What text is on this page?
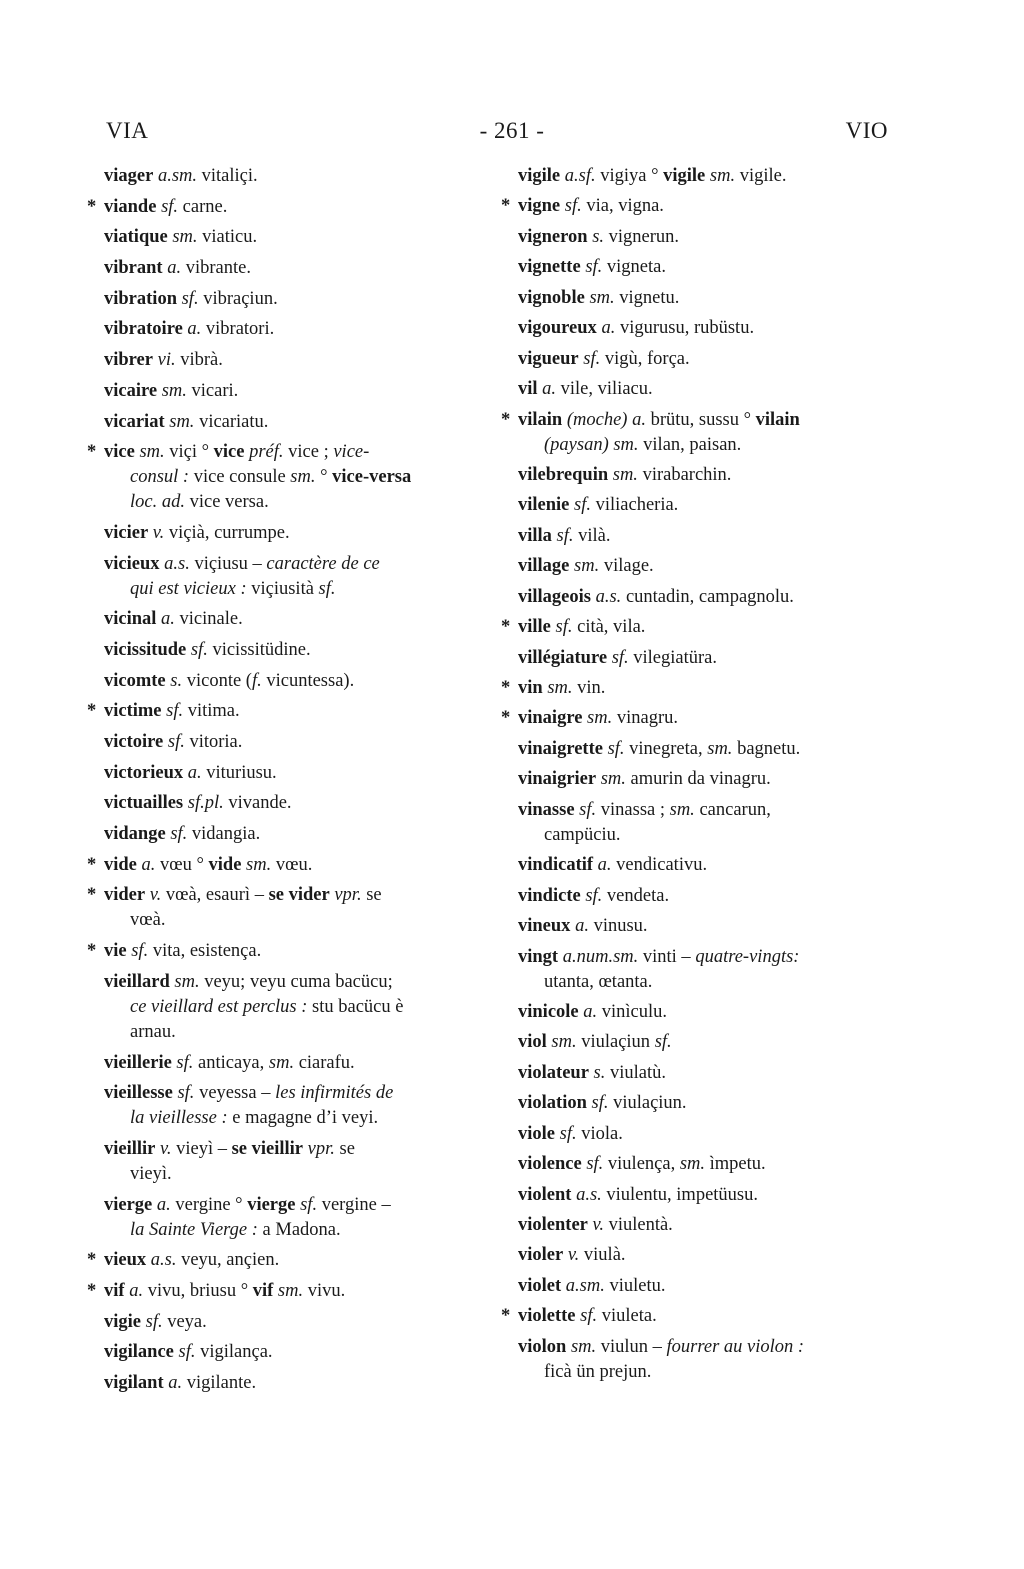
VIA	- 261 -	VIO
viager a.sm. vitaliçi.
* viande sf. carne.
viatique sm. viaticu.
vibrant a. vibrante.
vibration sf. vibraçiun.
vibratoire a. vibratori.
vibrer vi. vibrà.
vicaire sm. vicari.
vicariat sm. vicariatu.
* vice sm. viçi ° vice préf. vice ; vice-
consul : vice consule sm. ° vice-versa
loc. ad. vice versa.
vicier v. viçià, currumpe.
vicieux a.s. viçiusu – caractère de ce
qui est vicieux : viçiusità sf.
vicinal a. vicinale.
vicissitude sf. vicissitüdine.
vicomte s. viconte (f. vicuntessa).
* victime sf. vitima.
victoire sf. vitoria.
victorieux a. vituriusu.
victuailles sf.pl. vivande.
vidange sf. vidangia.
* vide a. vœu ° vide sm. vœu.
* vider v. vœà, esaurì – se vider vpr. se
vœà.
* vie sf. vita, esistença.
vieillard sm. veyu; veyu cuma bacücu;
ce vieillard est perclus : stu bacücu è
arnau.
vieillerie sf. anticaya, sm. ciarafu.
vieillesse sf. veyessa – les infirmités de
la vieillesse : e magagne d’i veyi.
vieillir v. vieyì – se vieillir vpr. se
vieyì.
vierge a. vergine ° vierge sf. vergine –
la Sainte Vierge : a Madona.
* vieux a.s. veyu, ançien.
* vif a. vivu, briusu ° vif sm. vivu.
vigie sf. veya.
vigilance sf. vigilança.
vigilant a. vigilante.
vigile a.sf. vigiya ° vigile sm. vigile.
* vigne sf. via, vigna.
vigneron s. vignerun.
vignette sf. vigneta.
vignoble sm. vignetu.
vigoureux a. vigurusu, rubüstu.
vigueur sf. vigù, força.
vil a. vile, viliacu.
* vilain (moche) a. brütu, sussu ° vilain
(paysan) sm. vilan, paisan.
vilebrequin sm. virabarchin.
vilenie sf. viliacheria.
villa sf. vilà.
village sm. vilage.
villageois a.s. cuntadin, campagnolu.
* ville sf. cità, vila.
villégiature sf. vilegiatüra.
* vin sm. vin.
* vinaigre sm. vinagru.
vinaigrette sf. vinegreta, sm. bagnetu.
vinaigrier sm. amurin da vinagru.
vinasse sf. vinassa ; sm. cancarun,
campüciu.
vindicatif a. vendicativu.
vindicte sf. vendeta.
vineux a. vinusu.
vingt a.num.sm. vinti – quatre-vingts:
utanta, œtanta.
vinicole a. vinìculu.
viol sm. viulaçiun sf.
violateur s. viulatù.
violation sf. viulaçiun.
viole sf. viola.
violence sf. viulença, sm. ìmpetu.
violent a.s. viulentu, impetüusu.
violenter v. viulentà.
violer v. viulà.
violet a.sm. viuletu.
* violette sf. viuleta.
violon sm. viulun – fourrer au violon :
ficà ün prejun.
